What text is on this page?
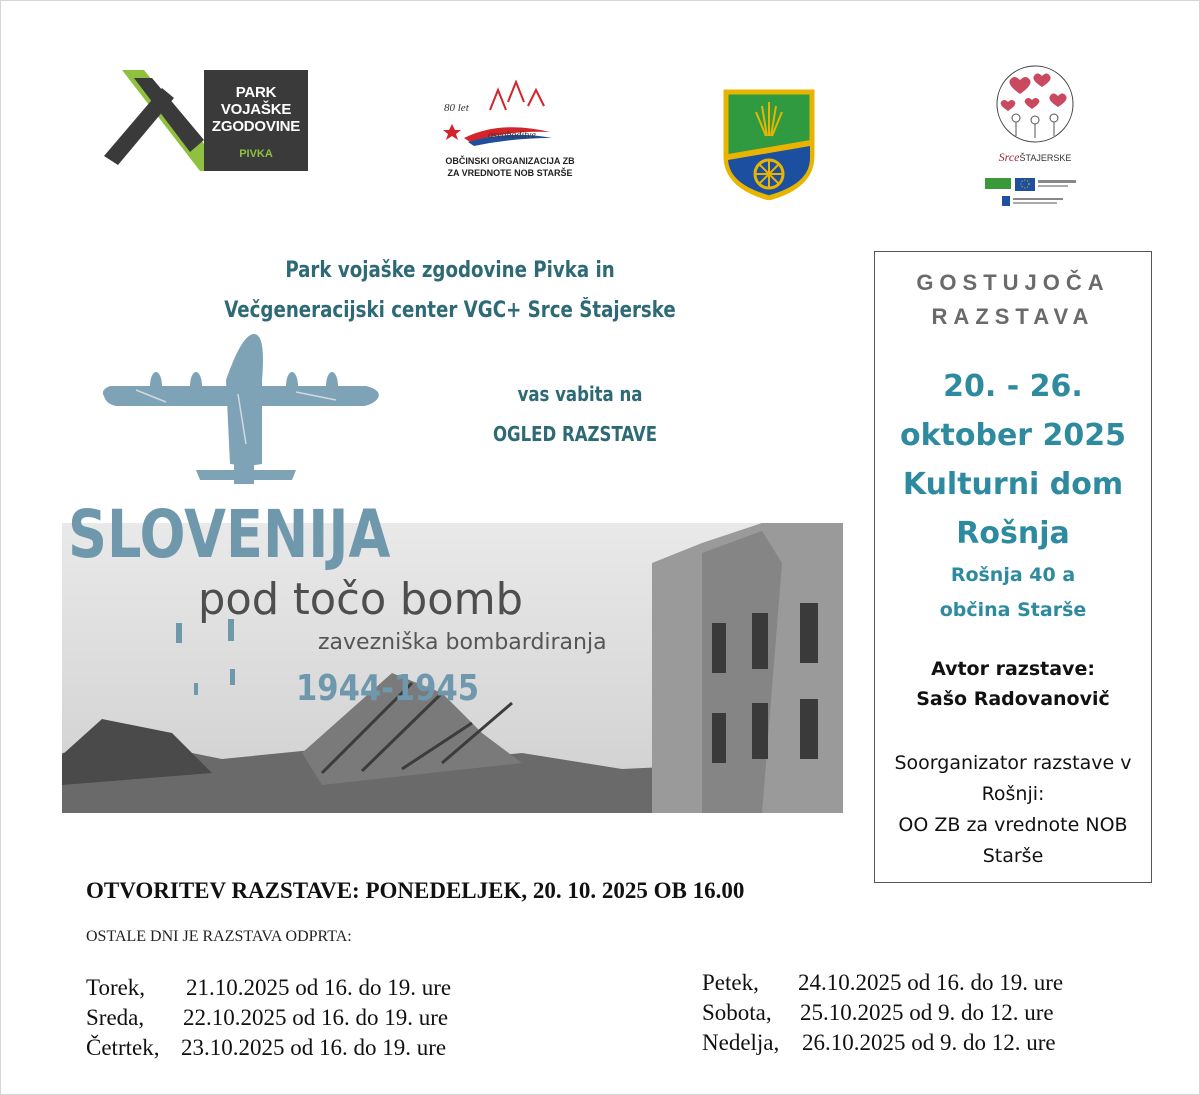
PARK
VOJAŠKE
ZGODOVINE
PIVKA
80 let
osvoboditve
OBČINSKI ORGANIZACIJA ZB
ZA VREDNOTE NOB STARŠE
SrceŠTAJERSKE
Park vojaške zgodovine Pivka in
Večgeneracijski center VGC+ Srce Štajerske
vas vabita na
OGLED RAZSTAVE
SLOVENIJA
pod točo bomb
zavezniška bombardiranja
1944-1945
GOSTUJOČA
RAZSTAVA
20. - 26.
oktober 2025
Kulturni dom
Rošnja
Rošnja 40 a
občina Starše
Avtor razstave:
Sašo Radovanovič
Soorganizator razstave v
Rošnji:
OO ZB za vrednote NOB
Starše
OTVORITEV RAZSTAVE: PONEDELJEK, 20. 10. 2025 OB 16.00
OSTALE DNI JE RAZSTAVA ODPRTA:
Torek, 21.10.2025 od 16. do 19. ure
Sreda, 22.10.2025 od 16. do 19. ure
Četrtek, 23.10.2025 od 16. do 19. ure
Petek, 24.10.2025 od 16. do 19. ure
Sobota, 25.10.2025 od 9. do 12. ure
Nedelja, 26.10.2025 od 9. do 12. ure
